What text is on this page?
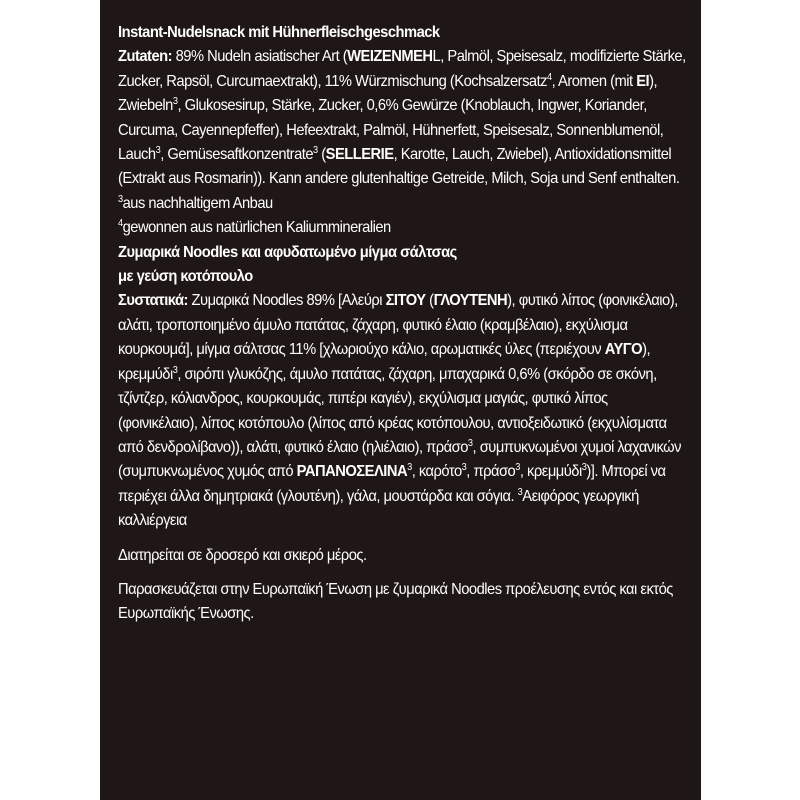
Instant-Nudelsnack mit Hühnerfleischgeschmack

Zutaten: 89% Nudeln asiatischer Art (WEIZENMEHL, Palmöl, Speisesalz, modifizierte Stärke, Zucker, Rapsöl, Curcumaextrakt), 11% Würzmischung (Kochsalzersatz$^4$, Aromen (mit EI), Zwiebeln$^3$, Glukosesirup, Stärke, Zucker, 0,6% Gewürze (Knoblauch, Ingwer, Koriander, Curcuma, Cayennepfeffer), Hefeextrakt, Palmöl, Hühnerfett, Speisesalz, Sonnenblumenöl, Lauch$^3$, Gemüsesaftkonzentrate$^3$ (SELLERIE, Karotte, Lauch, Zwiebel), Antioxidationsmittel (Extrakt aus Rosmarin)). Kann andere glutenhaltige Getreide, Milch, Soja und Senf enthalten. $^3$aus nachhaltigem Anbau
$^4$gewonnen aus natürlichen Kaliummineralien

Ζυμαρικά Noodles και αφυδατωμένο μίγμα σάλτσας
με γεύση κοτόπουλο

Συστατικά: Ζυμαρικά Noodles 89% [Αλεύρι ΣΙΤΟΥ (ΓΛΟΥΤΕΝΗ), φυτικό λίπος (φοινικέλαιο), αλάτι, τροποποιημένο άμυλο πατάτας, ζάχαρη, φυτικό έλαιο (κραμβέλαιο), εκχύλισμα κουρκουμά], μίγμα σάλτσας 11% [χλωριούχο κάλιο, αρωματικές ύλες (περιέχουν ΑΥΓΟ), κρεμμύδι$^3$, σιρόπι γλυκόζης, άμυλο πατάτας, ζάχαρη, μπαχαρικά 0,6% (σκόρδο σε σκόνη, τζίντζερ, κόλιανδρος, κουρκουμάς, πιπέρι καγιέν), εκχύλισμα μαγιάς, φυτικό λίπος (φοινικέλαιο), λίπος κοτόπουλο (λίπος από κρέας κοτόπουλου, αντιοξειδωτικό (εκχυλίσματα από δενδρολίβανο)), αλάτι, φυτικό έλαιο (ηλιέλαιο), πράσο$^3$, συμπυκνωμένοι χυμοί λαχανικών (συμπυκνωμένος χυμός από ΡΑΠΑΝΟΣΕΛΙΝΑ$^3$, καρότο$^3$, πράσο$^3$, κρεμμύδι$^3$)]. Μπορεί να περιέχει άλλα δημητριακά (γλουτένη), γάλα, μουστάρδα και σόγια. $^3$Αειφόρος γεωργική καλλιέργεια

Διατηρείται σε δροσερό και σκιερό μέρος.

Παρασκευάζεται στην Ευρωπαϊκή Ένωση με ζυμαρικά Noodles προέλευσης εντός και εκτός Ευρωπαϊκής Ένωσης.
